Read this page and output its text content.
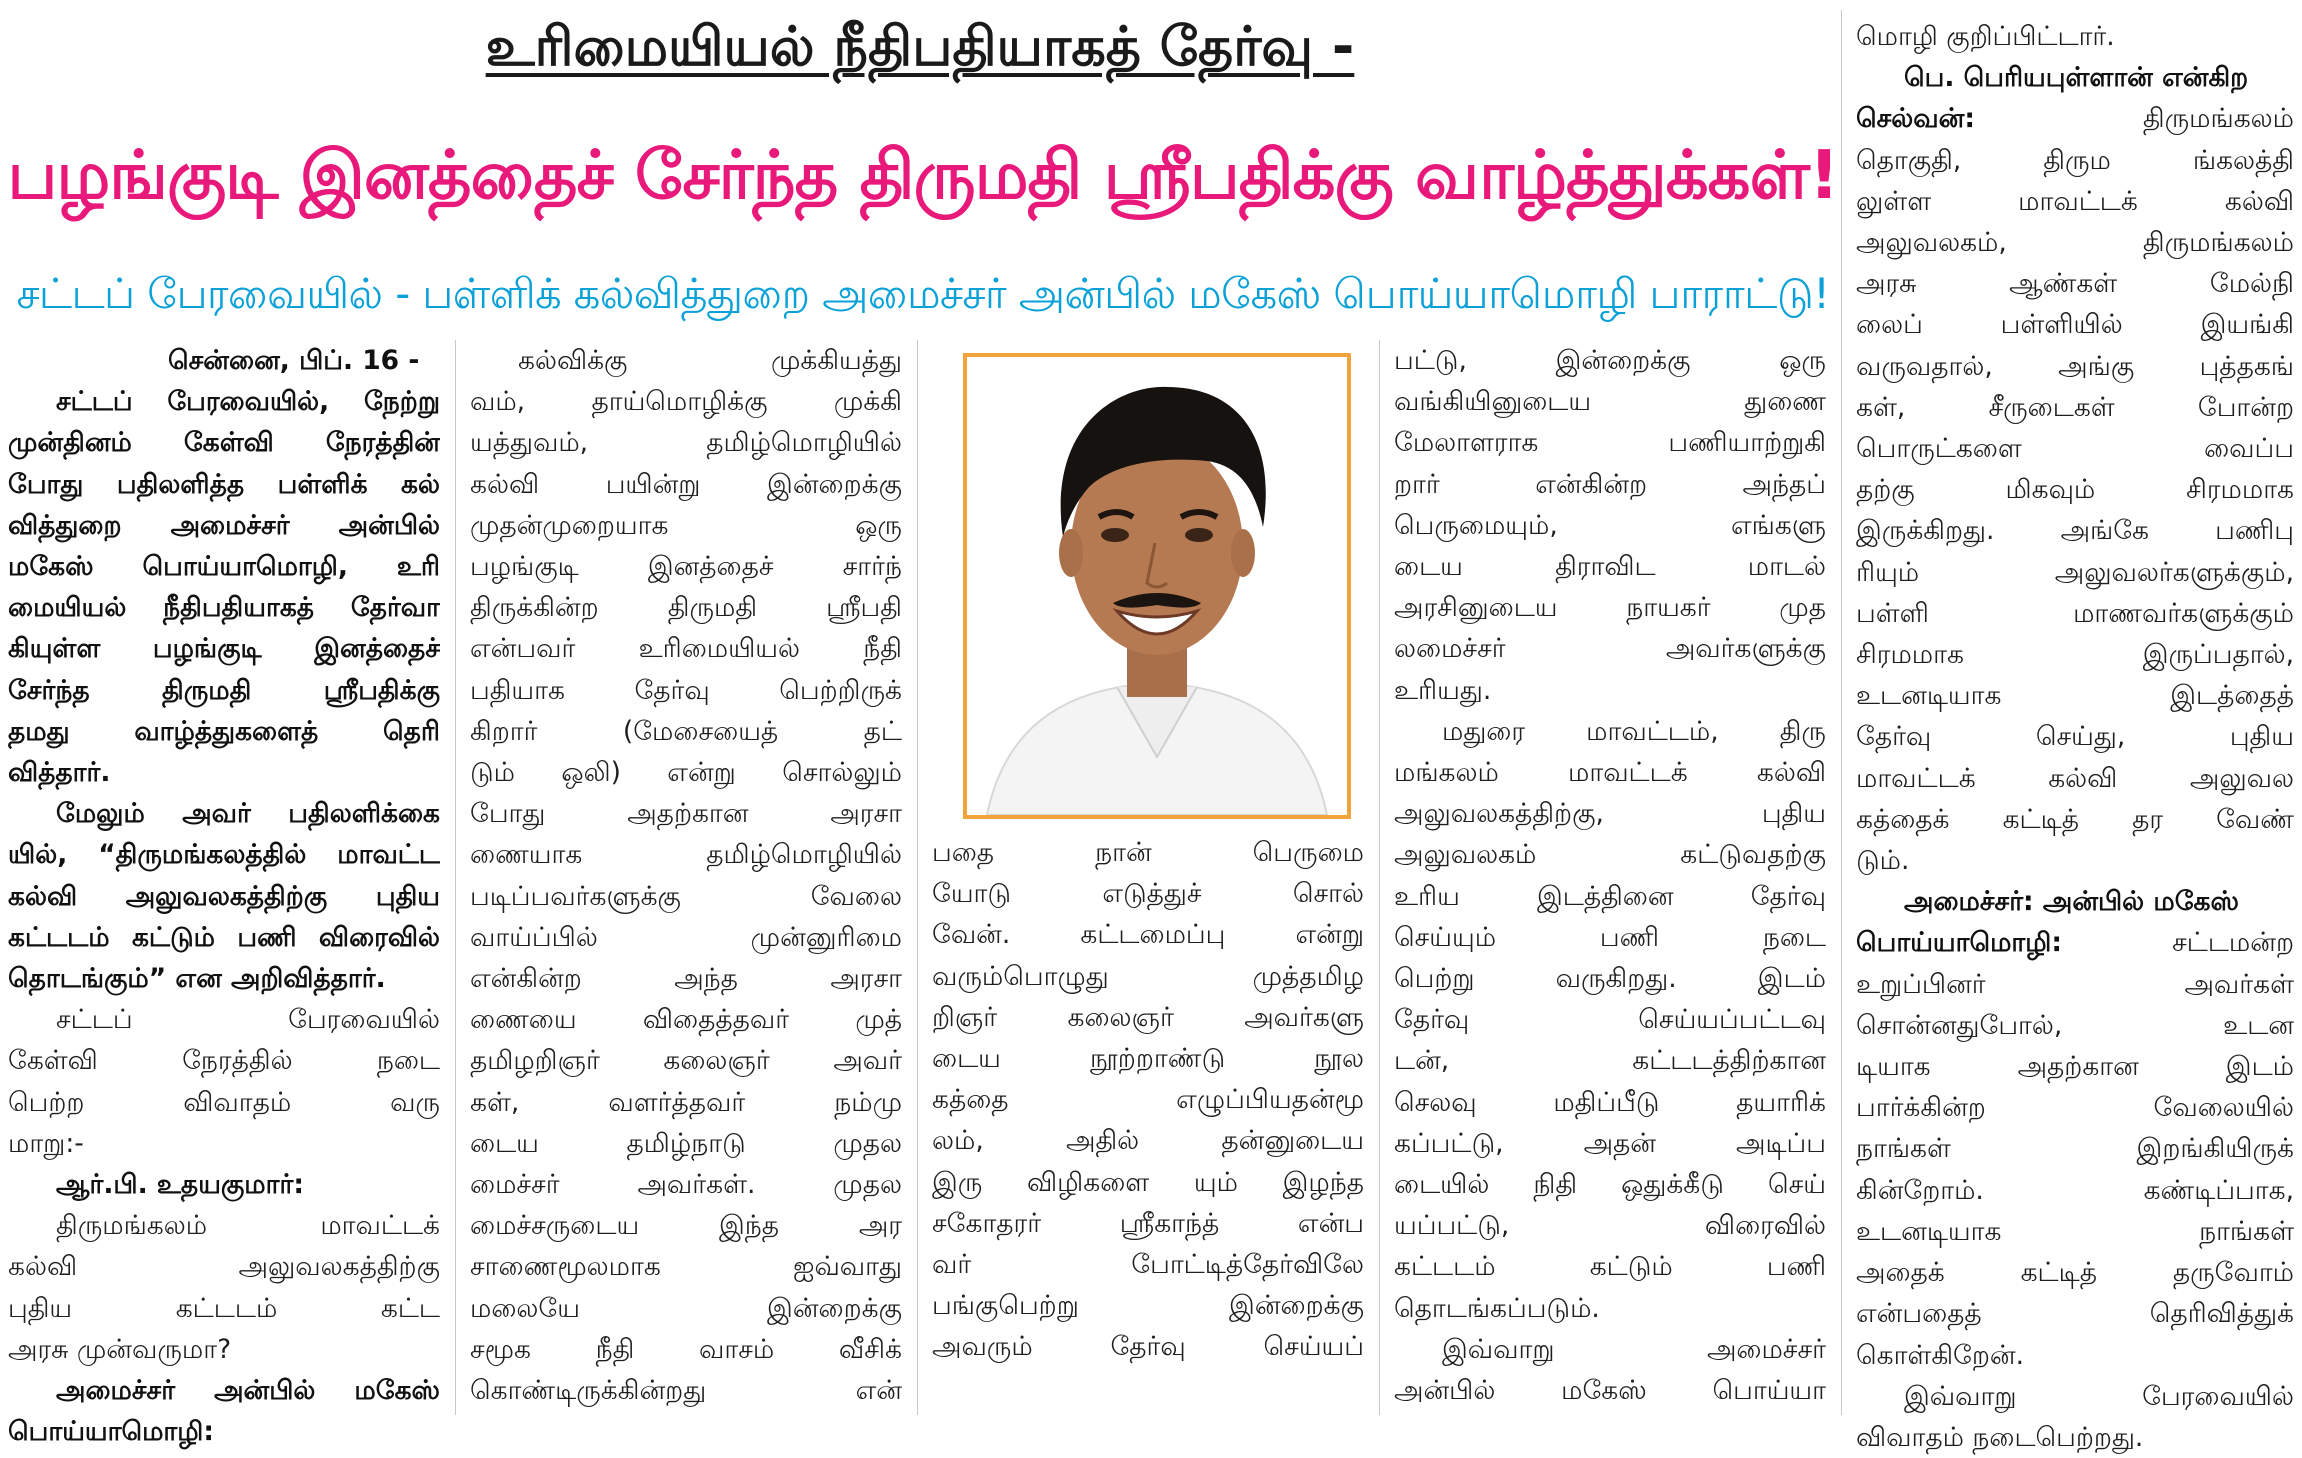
உரிமையியல் நீதிபதியாகத் தேர்வு -
பழங்குடி இனத்தைச் சேர்ந்த திருமதி ஸ்ரீபதிக்கு வாழ்த்துக்கள்!
சட்டப் பேரவையில் - பள்ளிக் கல்வித்துறை அமைச்சர் அன்பில் மகேஸ் பொய்யாமொழி பாராட்டு!

சென்னை, பிப். 16 -

சட்டப் பேரவையில், நேற்று

முன்தினம் கேள்வி நேரத்தின்

போது பதிலளித்த பள்ளிக் கல்

வித்துறை அமைச்சர் அன்பில்

மகேஸ் பொய்யாமொழி, உரி

மையியல் நீதிபதியாகத் தேர்வா

கியுள்ள பழங்குடி இனத்தைச்

சேர்ந்த திருமதி ஸ்ரீபதிக்கு

தமது வாழ்த்துகளைத் தெரி

வித்தார்.

மேலும் அவர் பதிலளிக்கை

யில், “திருமங்கலத்தில் மாவட்ட

கல்வி அலுவலகத்திற்கு புதிய

கட்டடம் கட்டும் பணி விரைவில்

தொடங்கும்” என அறிவித்தார்.

சட்டப் பேரவையில்

கேள்வி நேரத்தில் நடை

பெற்ற விவாதம் வரு

மாறு:-

ஆர்.பி. உதயகுமார்:

திருமங்கலம் மாவட்டக்

கல்வி அலுவலகத்திற்கு

புதிய கட்டடம் கட்ட

அரசு முன்வருமா?

அமைச்சர் அன்பில் மகேஸ்

பொய்யாமொழி:

கல்விக்கு முக்கியத்து

வம், தாய்மொழிக்கு முக்கி

யத்துவம், தமிழ்மொழியில்

கல்வி பயின்று இன்றைக்கு

முதன்முறையாக ஒரு

பழங்குடி இனத்தைச் சார்ந்

திருக்கின்ற திருமதி ஸ்ரீபதி

என்பவர் உரிமையியல் நீதி

பதியாக தேர்வு பெற்றிருக்

கிறார் (மேசையைத் தட்

டும் ஒலி) என்று சொல்லும்

போது அதற்கான அரசா

ணையாக தமிழ்மொழியில்

படிப்பவர்களுக்கு வேலை

வாய்ப்பில் முன்னுரிமை

என்கின்ற அந்த அரசா

ணையை விதைத்தவர் முத்

தமிழறிஞர் கலைஞர் அவர்

கள், வளர்த்தவர் நம்மு

டைய தமிழ்நாடு முதல

மைச்சர் அவர்கள். முதல

மைச்சருடைய இந்த அர

சாணைமூலமாக ஐவ்வாது

மலையே இன்றைக்கு

சமூக நீதி வாசம் வீசிக்

கொண்டிருக்கின்றது என்

பதை நான் பெருமை

யோடு எடுத்துச் சொல்

வேன். கட்டமைப்பு என்று

வரும்பொழுது முத்தமிழ

றிஞர் கலைஞர் அவர்களு

டைய நூற்றாண்டு நூல

கத்தை எழுப்பியதன்மூ

லம், அதில் தன்னுடைய

இரு விழிகளை யும் இழந்த

சகோதரர் ஸ்ரீகாந்த் என்ப

வர் போட்டித்தேர்விலே

பங்குபெற்று இன்றைக்கு

அவரும் தேர்வு செய்யப்

பட்டு, இன்றைக்கு ஒரு

வங்கியினுடைய துணை

மேலாளராக பணியாற்றுகி

றார் என்கின்ற அந்தப்

பெருமையும், எங்களு

டைய திராவிட மாடல்

அரசினுடைய நாயகர் முத

லமைச்சர் அவர்களுக்கு

உரியது.

மதுரை மாவட்டம், திரு

மங்கலம் மாவட்டக் கல்வி

அலுவலகத்திற்கு, புதிய

அலுவலகம் கட்டுவதற்கு

உரிய இடத்தினை தேர்வு

செய்யும் பணி நடை

பெற்று வருகிறது. இடம்

தேர்வு செய்யப்பட்டவு

டன், கட்டடத்திற்கான

செலவு மதிப்பீடு தயாரிக்

கப்பட்டு, அதன் அடிப்ப

டையில் நிதி ஒதுக்கீடு செய்

யப்பட்டு, விரைவில்

கட்டடம் கட்டும் பணி

தொடங்கப்படும்.

இவ்வாறு அமைச்சர்

அன்பில் மகேஸ் பொய்யா

மொழி குறிப்பிட்டார்.

பெ. பெரியபுள்ளான் என்கிற

செல்வன்:	திருமங்கலம்

தொகுதி, திரும ங்கலத்தி

லுள்ள மாவட்டக் கல்வி

அலுவலகம், திருமங்கலம்

அரசு ஆண்கள் மேல்நி

லைப் பள்ளியில் இயங்கி

வருவதால், அங்கு புத்தகங்

கள், சீருடைகள் போன்ற

பொருட்களை வைப்ப

தற்கு மிகவும் சிரமமாக

இருக்கிறது. அங்கே பணிபு

ரியும் அலுவலர்களுக்கும்,

பள்ளி மாணவர்களுக்கும்

சிரமமாக இருப்பதால்,

உடனடியாக இடத்தைத்

தேர்வு செய்து, புதிய

மாவட்டக் கல்வி அலுவல

கத்தைக் கட்டித் தர வேண்

டும்.

அமைச்சர்: அன்பில் மகேஸ்

பொய்யாமொழி:	சட்டமன்ற

உறுப்பினர் அவர்கள்

சொன்னதுபோல், உடன

டியாக அதற்கான இடம்

பார்க்கின்ற வேலையில்

நாங்கள் இறங்கியிருக்

கின்றோம். கண்டிப்பாக,

உடனடியாக நாங்கள்

அதைக் கட்டித் தருவோம்

என்பதைத் தெரிவித்துக்

கொள்கிறேன்.

இவ்வாறு பேரவையில்

விவாதம் நடைபெற்றது.
